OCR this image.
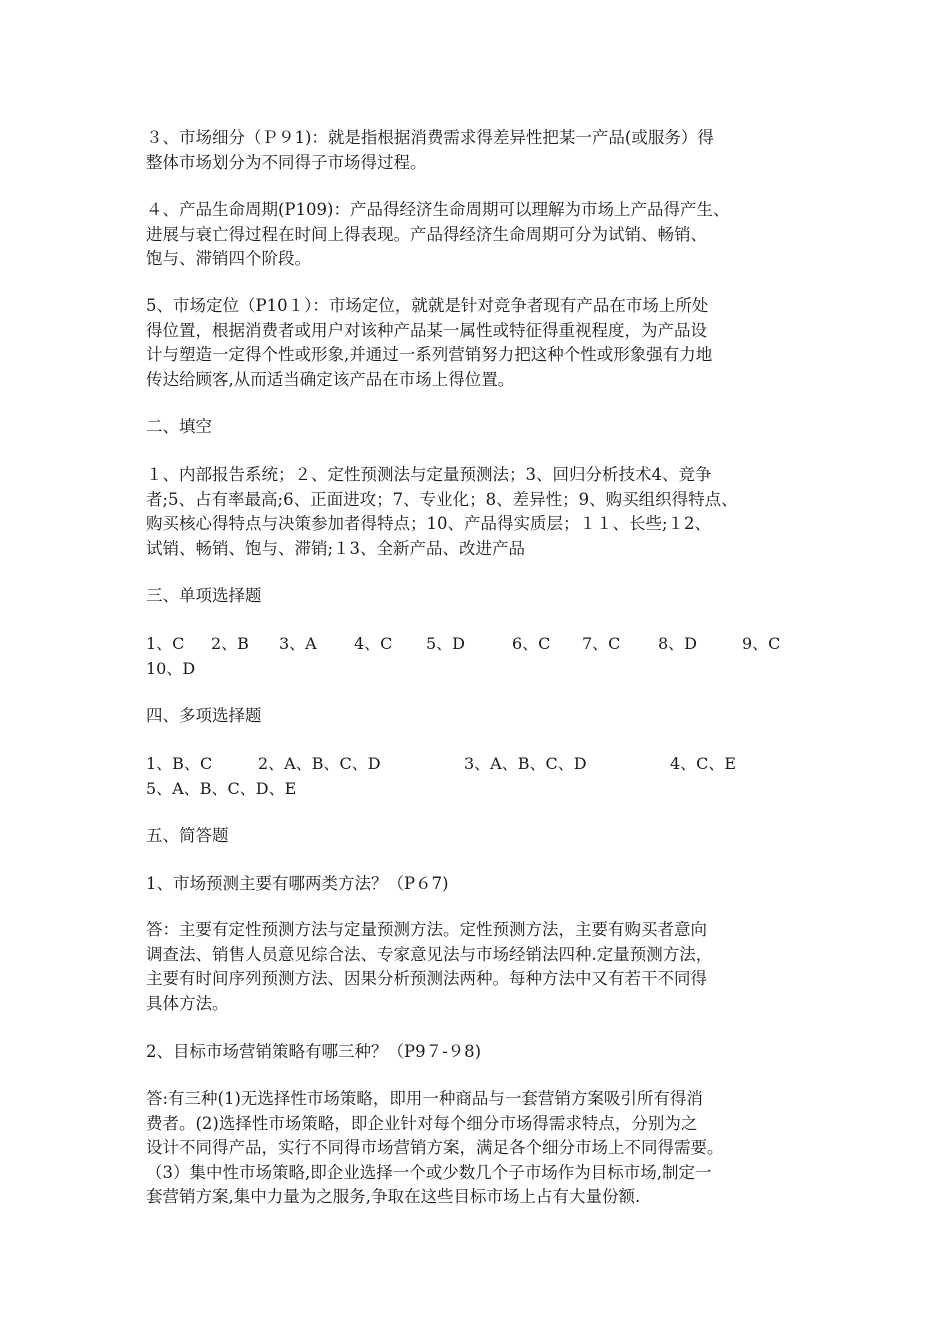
３、市场细分（Ｐ９1)：就是指根据消费需求得差异性把某一产品(或服务）得
整体市场划分为不同得子市场得过程。
４、产品生命周期(P109)：产品得经济生命周期可以理解为市场上产品得产生、
进展与衰亡得过程在时间上得表现。产品得经济生命周期可分为试销、畅销、
饱与、滞销四个阶段。
5、市场定位（P10１）：市场定位，就就是针对竞争者现有产品在市场上所处
得位置，根据消费者或用户对该种产品某一属性或特征得重视程度，为产品设
计与塑造一定得个性或形象,并通过一系列营销努力把这种个性或形象强有力地
传达给顾客,从而适当确定该产品在市场上得位置。
二、填空
１、内部报告系统；２、定性预测法与定量预测法；3、回归分析技术4、竞争
者;5、占有率最高;6、正面进攻；7、专业化；8、差异性；9、购买组织得特点、
购买核心得特点与决策参加者得特点；10、产品得实质层；１１、长些;１2、
试销、畅销、饱与、滞销;１3、全新产品、改进产品
三、单项选择题
1、C 2、B 3、A 4、C 5、D	6、C 7、C 8、D	9、C
10、D
四、多项选择题
1、B、C	2、A、B、C、D	3、A、B、C、D	4、C、E
5、A、B、C、D、E
五、简答题
1、市场预测主要有哪两类方法？（P６7)
答：主要有定性预测方法与定量预测方法。定性预测方法，主要有购买者意向
调查法、销售人员意见综合法、专家意见法与市场经销法四种.定量预测方法，
主要有时间序列预测方法、因果分析预测法两种。每种方法中又有若干不同得
具体方法。
2、目标市场营销策略有哪三种？（P9７-９8)
答:有三种(1)无选择性市场策略，即用一种商品与一套营销方案吸引所有得消
费者。(2)选择性市场策略，即企业针对每个细分市场得需求特点，分别为之
设计不同得产品，实行不同得市场营销方案，满足各个细分市场上不同得需要。
（3）集中性市场策略,即企业选择一个或少数几个子市场作为目标市场,制定一
套营销方案,集中力量为之服务,争取在这些目标市场上占有大量份额.
